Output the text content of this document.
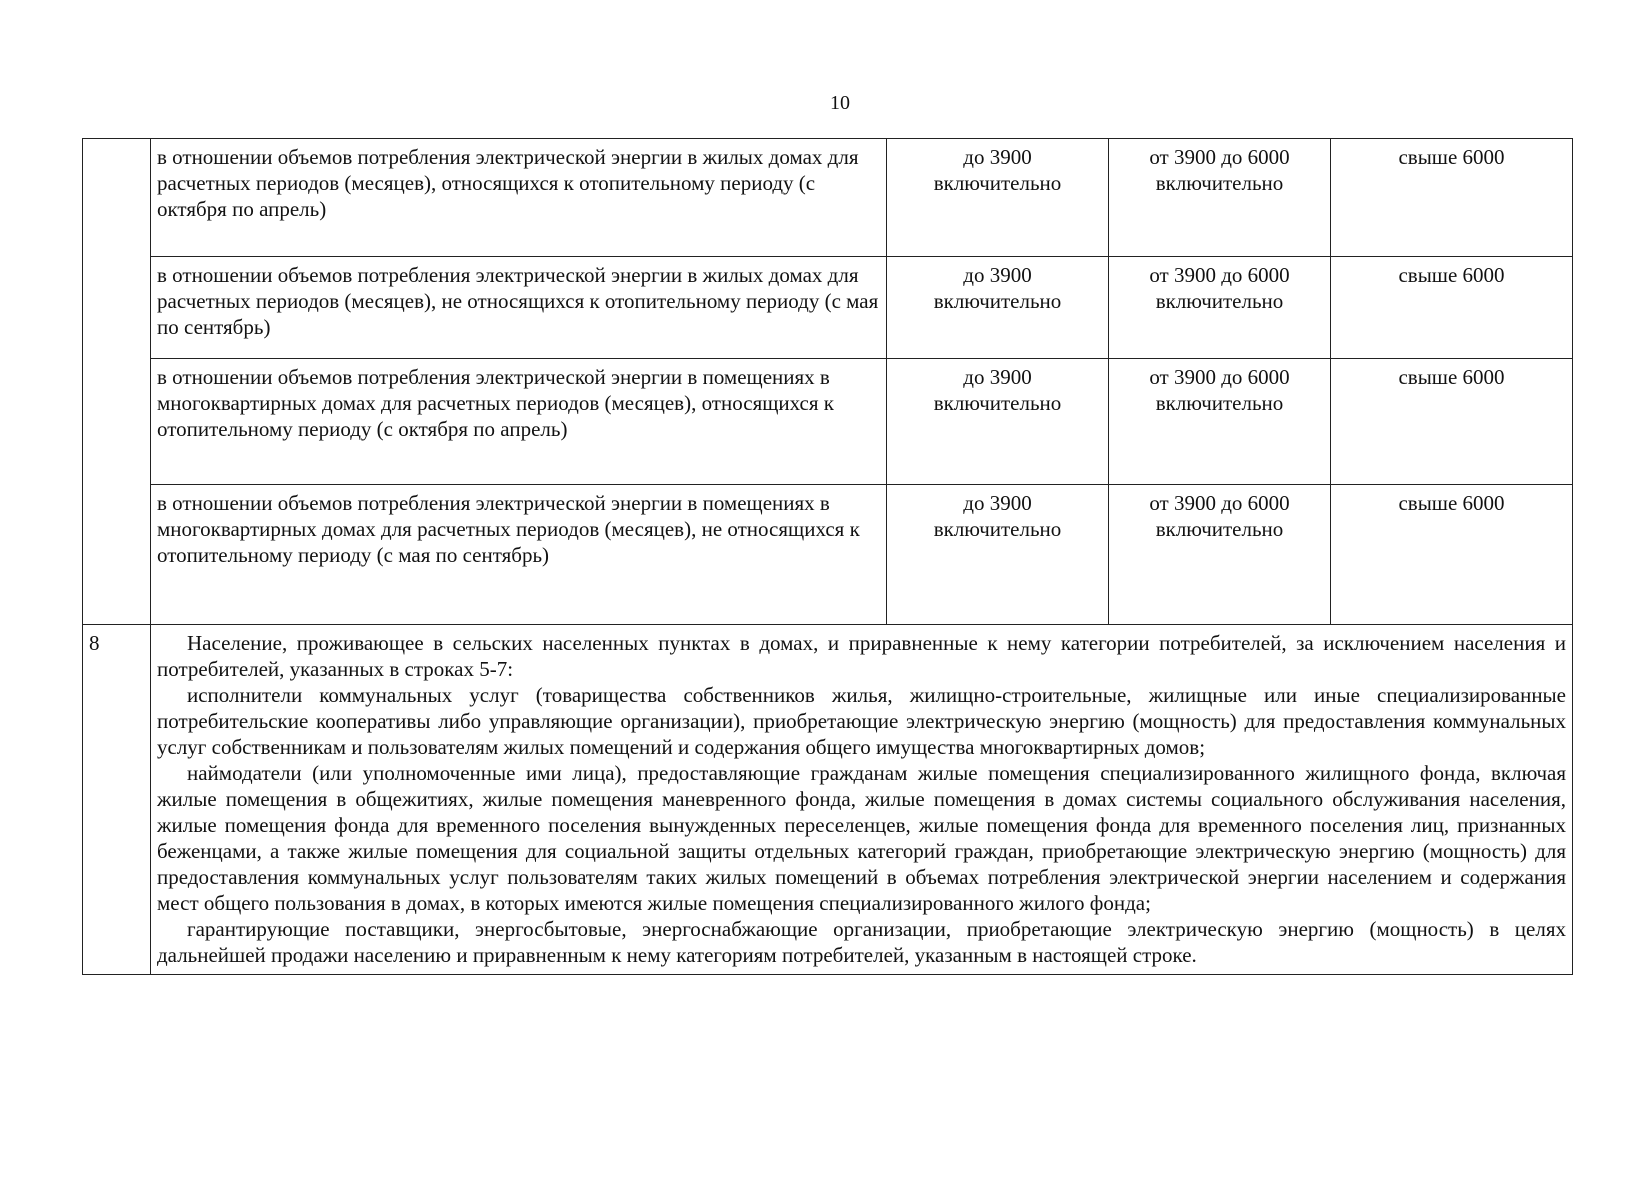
10
	в отношении объемов потребления электрической энергии в жилых домах для расчетных периодов (месяцев), относящихся к отопительному периоду (с октября по апрель)	до 3900
включительно	от 3900 до 6000
включительно	свыше 6000
	в отношении объемов потребления электрической энергии в жилых домах для расчетных периодов (месяцев), не относящихся к отопительному периоду (с мая по сентябрь)	до 3900
включительно	от 3900 до 6000
включительно	свыше 6000
	в отношении объемов потребления электрической энергии в помещениях в многоквартирных домах для расчетных периодов (месяцев), относящихся к отопительному периоду (с октября по апрель)	до 3900
включительно	от 3900 до 6000
включительно	свыше 6000
	в отношении объемов потребления электрической энергии в помещениях в многоквартирных домах для расчетных периодов (месяцев), не относящихся к отопительному периоду (с мая по сентябрь)	до 3900
включительно	от 3900 до 6000
включительно	свыше 6000
8	Население, проживающее в сельских населенных пунктах в домах, и приравненные к нему категории потребителей, за исключением населения и потребителей, указанных в строках 5-7:

исполнители коммунальных услуг (товарищества собственников жилья, жилищно-строительные, жилищные или иные специализированные потребительские кооперативы либо управляющие организации), приобретающие электрическую энергию (мощность) для предоставления коммунальных услуг собственникам и пользователям жилых помещений и содержания общего имущества многоквартирных домов;

наймодатели (или уполномоченные ими лица), предоставляющие гражданам жилые помещения специализированного жилищного фонда, включая жилые помещения в общежитиях, жилые помещения маневренного фонда, жилые помещения в домах системы социального обслуживания населения, жилые помещения фонда для временного поселения вынужденных переселенцев, жилые помещения фонда для временного поселения лиц, признанных беженцами, а также жилые помещения для социальной защиты отдельных категорий граждан, приобретающие электрическую энергию (мощность) для предоставления коммунальных услуг пользователям таких жилых помещений в объемах потребления электрической энергии населением и содержания мест общего пользования в домах, в которых имеются жилые помещения специализированного жилого фонда;

гарантирующие поставщики, энергосбытовые, энергоснабжающие организации, приобретающие электрическую энергию (мощность) в целях дальнейшей продажи населению и приравненным к нему категориям потребителей, указанным в настоящей строке.			
